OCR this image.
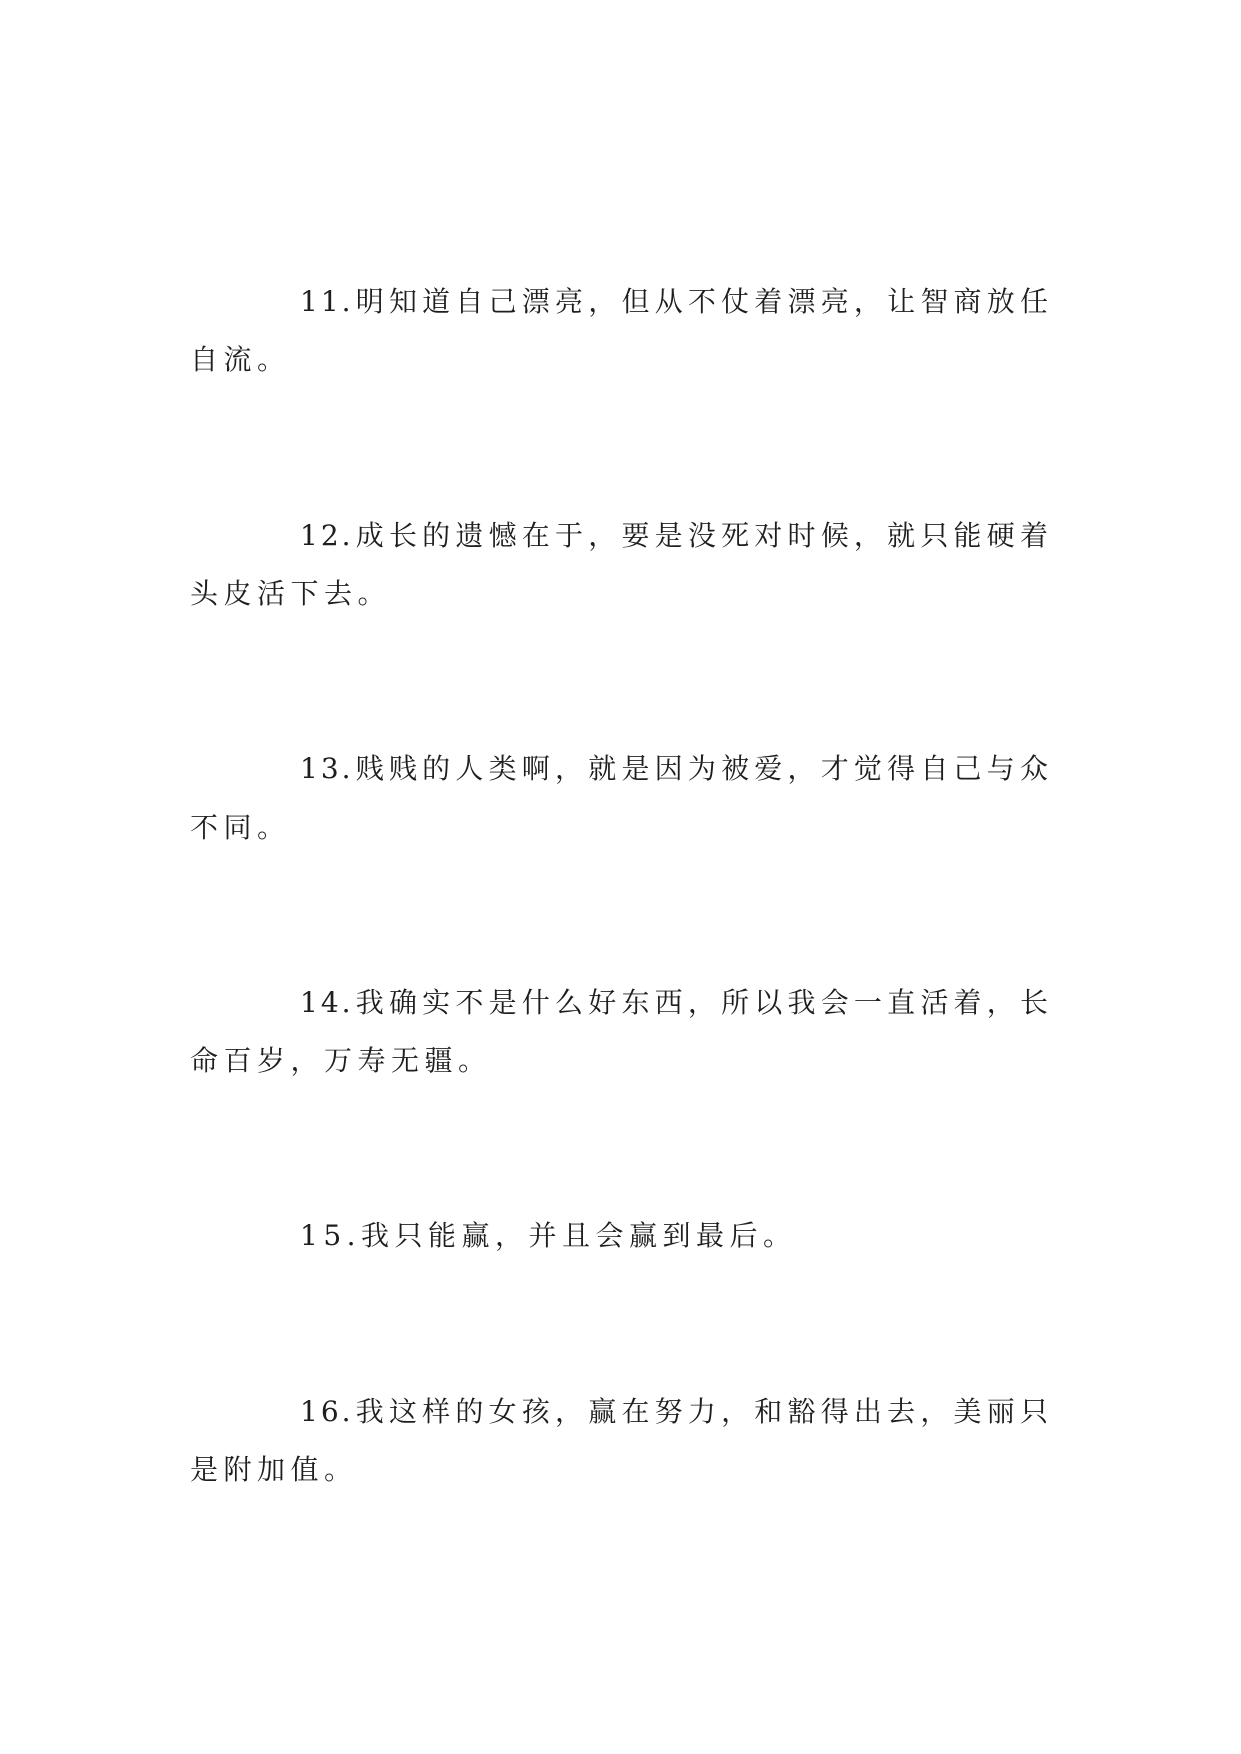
11.明知道自己漂亮，但从不仗着漂亮，让智商放任
自流。
12.成长的遗憾在于，要是没死对时候，就只能硬着
头皮活下去。
13.贱贱的人类啊，就是因为被爱，才觉得自己与众
不同。
14.我确实不是什么好东西，所以我会一直活着，长
命百岁，万寿无疆。
15.我只能赢，并且会赢到最后。
16.我这样的女孩，赢在努力，和豁得出去，美丽只
是附加值。
